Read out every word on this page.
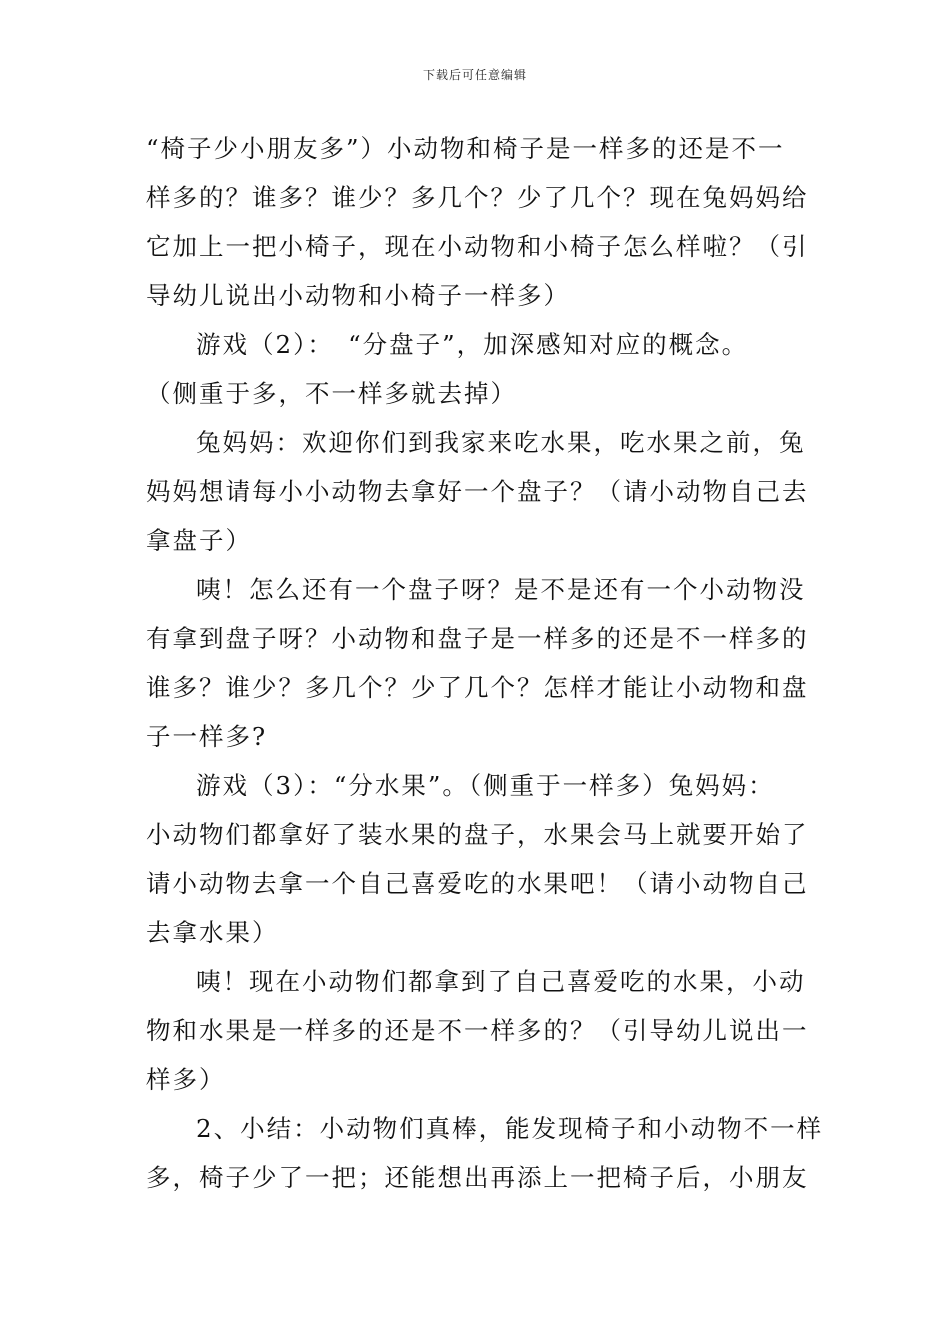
下载后可任意编辑

“椅子少小朋友多”）小动物和椅子是一样多的还是不一
样多的？谁多？谁少？多几个？少了几个？现在兔妈妈给
它加上一把小椅子，现在小动物和小椅子怎么样啦？（引
导幼儿说出小动物和小椅子一样多）

游戏（2）：　“分盘子”，加深感知对应的概念。
（侧重于多，不一样多就去掉）

兔妈妈：欢迎你们到我家来吃水果，吃水果之前，兔
妈妈想请每小小动物去拿好一个盘子？（请小动物自己去
拿盘子）

咦！怎么还有一个盘子呀？是不是还有一个小动物没
有拿到盘子呀？小动物和盘子是一样多的还是不一样多的
谁多？谁少？多几个？少了几个？怎样才能让小动物和盘
子一样多?

游戏（3）：“分水果”。（侧重于一样多）兔妈妈：
小动物们都拿好了装水果的盘子，水果会马上就要开始了
请小动物去拿一个自己喜爱吃的水果吧！（请小动物自己
去拿水果）

咦！现在小动物们都拿到了自己喜爱吃的水果，小动
物和水果是一样多的还是不一样多的？（引导幼儿说出一
样多）

2、小结：小动物们真棒，能发现椅子和小动物不一样
多，椅子少了一把；还能想出再添上一把椅子后，小朋友
